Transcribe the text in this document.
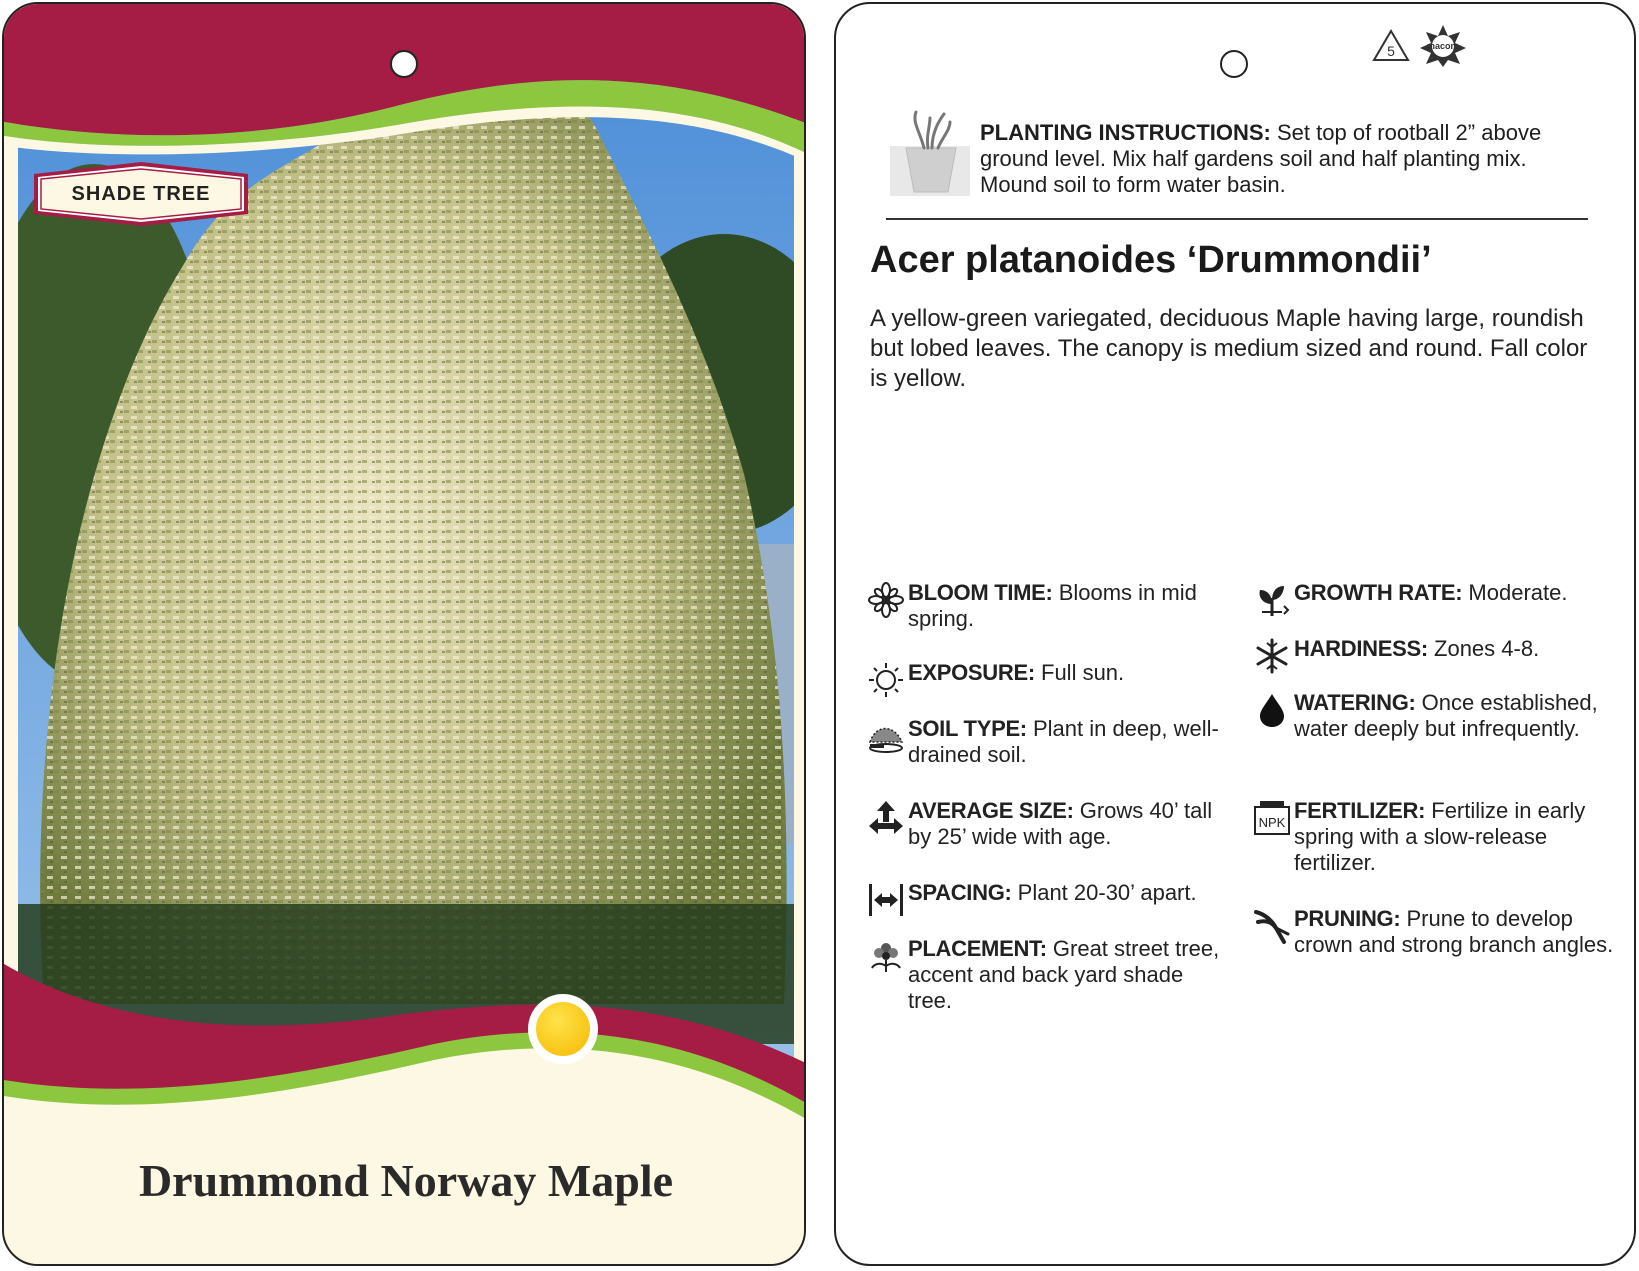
SHADE TREE
Drummond Norway Maple
5	macore
PLANTING INSTRUCTIONS: Set top of rootball 2” above ground level. Mix half gardens soil and half planting mix. Mound soil to form water basin.
Acer platanoides ‘Drummondii’
A yellow-green variegated, deciduous Maple having large, roundish but lobed leaves. The canopy is medium sized and round. Fall color is yellow.
BLOOM TIME: Blooms in mid spring.
EXPOSURE: Full sun.
SOIL TYPE: Plant in deep, well-drained soil.
AVERAGE SIZE: Grows 40’ tall by 25’ wide with age.
SPACING: Plant 20-30’ apart.
PLACEMENT: Great street tree, accent and back yard shade tree.
GROWTH RATE: Moderate.
HARDINESS: Zones 4-8.
WATERING: Once established, water deeply but infrequently.
NPK FERTILIZER: Fertilize in early spring with a slow-release fertilizer.
PRUNING: Prune to develop crown and strong branch angles.
